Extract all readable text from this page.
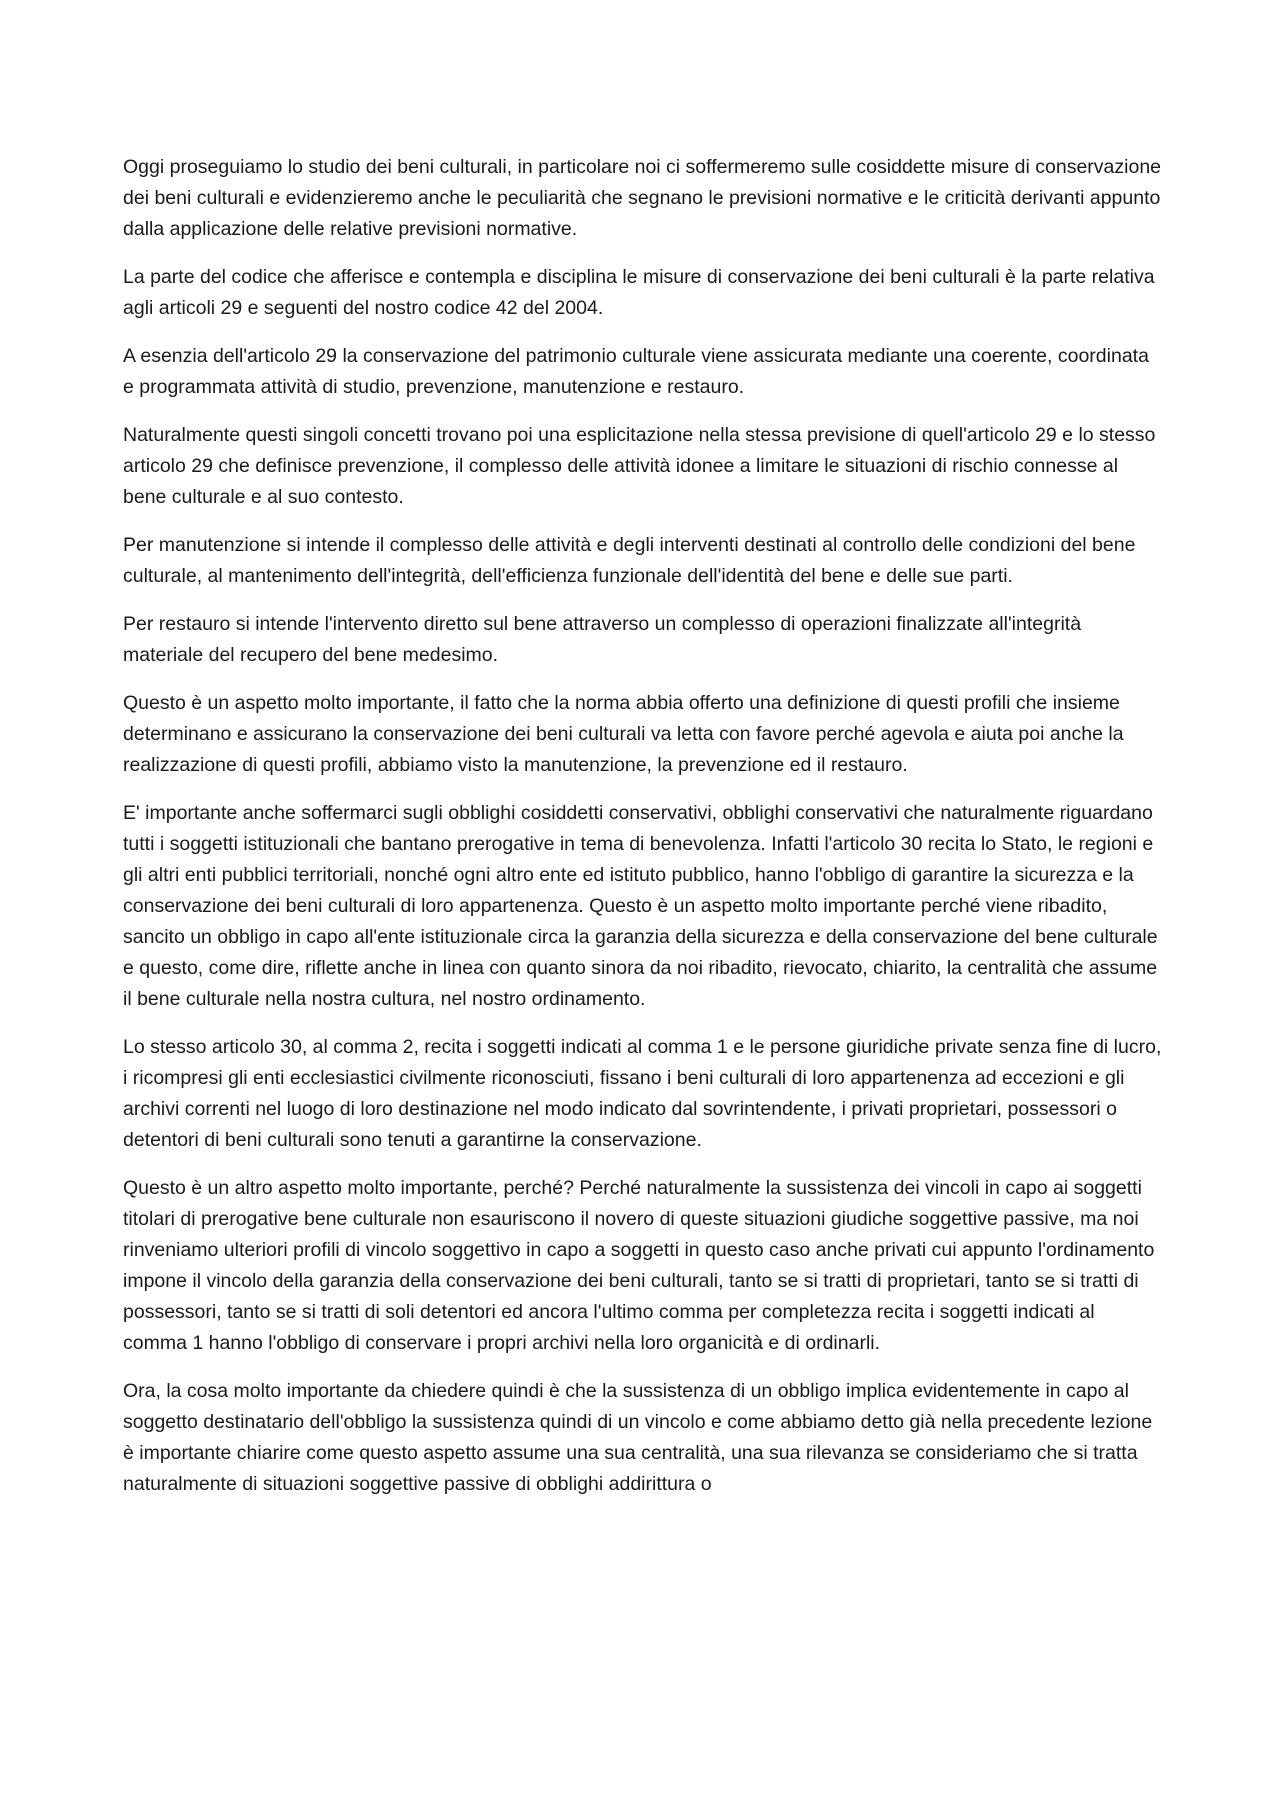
Oggi proseguiamo lo studio dei beni culturali, in particolare noi ci soffermeremo sulle cosiddette misure di conservazione dei beni culturali e evidenzieremo anche le peculiarità che segnano le previsioni normative e le criticità derivanti appunto dalla applicazione delle relative previsioni normative.

La parte del codice che afferisce e contempla e disciplina le misure di conservazione dei beni culturali è la parte relativa agli articoli 29 e seguenti del nostro codice 42 del 2004.

A esenzia dell'articolo 29 la conservazione del patrimonio culturale viene assicurata mediante una coerente, coordinata e programmata attività di studio, prevenzione, manutenzione e restauro.

Naturalmente questi singoli concetti trovano poi una esplicitazione nella stessa previsione di quell'articolo 29 e lo stesso articolo 29 che definisce prevenzione, il complesso delle attività idonee a limitare le situazioni di rischio connesse al bene culturale e al suo contesto.

Per manutenzione si intende il complesso delle attività e degli interventi destinati al controllo delle condizioni del bene culturale, al mantenimento dell'integrità, dell'efficienza funzionale dell'identità del bene e delle sue parti.

Per restauro si intende l'intervento diretto sul bene attraverso un complesso di operazioni finalizzate all'integrità materiale del recupero del bene medesimo.

Questo è un aspetto molto importante, il fatto che la norma abbia offerto una definizione di questi profili che insieme determinano e assicurano la conservazione dei beni culturali va letta con favore perché agevola e aiuta poi anche la realizzazione di questi profili, abbiamo visto la manutenzione, la prevenzione ed il restauro.

E' importante anche soffermarci sugli obblighi cosiddetti conservativi, obblighi conservativi che naturalmente riguardano tutti i soggetti istituzionali che bantano prerogative in tema di benevolenza. Infatti l'articolo 30 recita lo Stato, le regioni e gli altri enti pubblici territoriali, nonché ogni altro ente ed istituto pubblico, hanno l'obbligo di garantire la sicurezza e la conservazione dei beni culturali di loro appartenenza. Questo è un aspetto molto importante perché viene ribadito, sancito un obbligo in capo all'ente istituzionale circa la garanzia della sicurezza e della conservazione del bene culturale e questo, come dire, riflette anche in linea con quanto sinora da noi ribadito, rievocato, chiarito, la centralità che assume il bene culturale nella nostra cultura, nel nostro ordinamento.

Lo stesso articolo 30, al comma 2, recita i soggetti indicati al comma 1 e le persone giuridiche private senza fine di lucro, i ricompresi gli enti ecclesiastici civilmente riconosciuti, fissano i beni culturali di loro appartenenza ad eccezioni e gli archivi correnti nel luogo di loro destinazione nel modo indicato dal sovrintendente, i privati proprietari, possessori o detentori di beni culturali sono tenuti a garantirne la conservazione.

Questo è un altro aspetto molto importante, perché? Perché naturalmente la sussistenza dei vincoli in capo ai soggetti titolari di prerogative bene culturale non esauriscono il novero di queste situazioni giudiche soggettive passive, ma noi rinveniamo ulteriori profili di vincolo soggettivo in capo a soggetti in questo caso anche privati cui appunto l'ordinamento impone il vincolo della garanzia della conservazione dei beni culturali, tanto se si tratti di proprietari, tanto se si tratti di possessori, tanto se si tratti di soli detentori ed ancora l'ultimo comma per completezza recita i soggetti indicati al comma 1 hanno l'obbligo di conservare i propri archivi nella loro organicità e di ordinarli.

Ora, la cosa molto importante da chiedere quindi è che la sussistenza di un obbligo implica evidentemente in capo al soggetto destinatario dell'obbligo la sussistenza quindi di un vincolo e come abbiamo detto già nella precedente lezione è importante chiarire come questo aspetto assume una sua centralità, una sua rilevanza se consideriamo che si tratta naturalmente di situazioni soggettive passive di obblighi addirittura o
